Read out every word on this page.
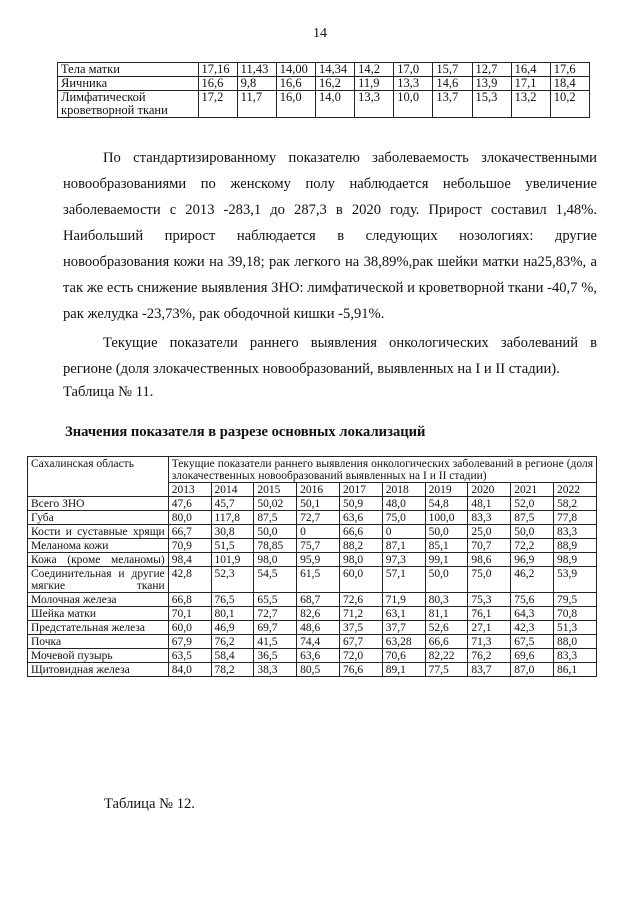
14
Тела матки	17,16	11,43	14,00	14,34	14,2	17,0	15,7	12,7	16,4	17,6
Яичника	16,6	9,8	16,6	16,2	11,9	13,3	14,6	13,9	17,1	18,4
Лимфатической кроветворной ткани	17,2	11,7	16,0	14,0	13,3	10,0	13,7	15,3	13,2	10,2
По стандартизированному показателю заболеваемость злокачественными новообразованиями по женскому полу наблюдается небольшое увеличение заболеваемости с 2013 -283,1 до 287,3 в 2020 году. Прирост составил 1,48%. Наибольший прирост наблюдается в следующих нозологиях: другие новообразования кожи на 39,18; рак легкого на 38,89%,рак шейки матки на25,83%, а так же есть снижение выявления ЗНО: лимфатической и кроветворной ткани -40,7 %, рак желудка -23,73%, рак ободочной кишки -5,91%.
Текущие показатели раннего выявления онкологических заболеваний в регионе (доля злокачественных новообразований, выявленных на I и II стадии).
Таблица № 11.
Значения показателя в разрезе основных локализаций
Сахалинская область	Текущие показатели раннего выявления онкологических заболеваний в регионе (доля злокачественных новообразований выявленных на I и II стадии)									
	2013	2014	2015	2016	2017	2018	2019	2020	2021	2022
Всего ЗНО	47,6	45,7	50,02	50,1	50,9	48,0	54,8	48,1	52,0	58,2
Губа	80,0	117,8	87,5	72,7	63,6	75,0	100,0	83,3	87,5	77,8
Кости и суставные хрящи	66,7	30,8	50,0	0	66,6	0	50,0	25,0	50,0	83,3
Меланома кожи	70,9	51,5	78,85	75,7	88,2	87,1	85,1	70,7	72,2	88,9
Кожа (кроме меланомы)	98,4	101,9	98,0	95,9	98,0	97,3	99,1	98,6	96,9	98,9
Соединительная и другие мягкие ткани	42,8	52,3	54,5	61,5	60,0	57,1	50,0	75,0	46,2	53,9
Молочная железа	66,8	76,5	65,5	68,7	72,6	71,9	80,3	75,3	75,6	79,5
Шейка матки	70,1	80,1	72,7	82,6	71,2	63,1	81,1	76,1	64,3	70,8
Предстательная железа	60,0	46,9	69,7	48,6	37,5	37,7	52,6	27,1	42,3	51,3
Почка	67,9	76,2	41,5	74,4	67,7	63,28	66,6	71,3	67,5	88,0
Мочевой пузырь	63,5	58,4	36,5	63,6	72,0	70,6	82,22	76,2	69,6	83,3
Щитовидная железа	84,0	78,2	38,3	80,5	76,6	89,1	77,5	83,7	87,0	86,1
Таблица № 12.
